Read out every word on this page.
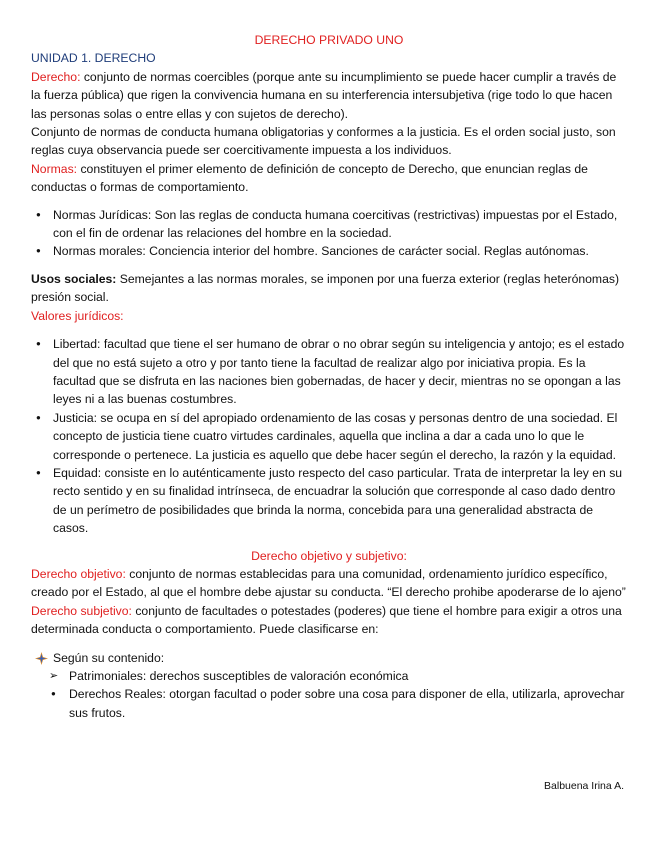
DERECHO PRIVADO UNO

UNIDAD 1. DERECHO

Derecho: conjunto de normas coercibles (porque ante su incumplimiento se puede hacer cumplir a través de la fuerza pública) que rigen la convivencia humana en su interferencia intersubjetiva (rige todo lo que hacen las personas solas o entre ellas y con sujetos de derecho).

Conjunto de normas de conducta humana obligatorias y conformes a la justicia. Es el orden social justo, son reglas cuya observancia puede ser coercitivamente impuesta a los individuos.

Normas: constituyen el primer elemento de definición de concepto de Derecho, que enuncian reglas de conductas o formas de comportamiento.

● Normas Jurídicas: Son las reglas de conducta humana coercitivas (restrictivas) impuestas por el Estado, con el fin de ordenar las relaciones del hombre en la sociedad.
● Normas morales: Conciencia interior del hombre. Sanciones de carácter social. Reglas autónomas.

Usos sociales: Semejantes a las normas morales, se imponen por una fuerza exterior (reglas heterónomas) presión social.

Valores jurídicos:

● Libertad: facultad que tiene el ser humano de obrar o no obrar según su inteligencia y antojo; es el estado del que no está sujeto a otro y por tanto tiene la facultad de realizar algo por iniciativa propia. Es la facultad que se disfruta en las naciones bien gobernadas, de hacer y decir, mientras no se opongan a las leyes ni a las buenas costumbres.
● Justicia: se ocupa en sí del apropiado ordenamiento de las cosas y personas dentro de una sociedad. El concepto de justicia tiene cuatro virtudes cardinales, aquella que inclina a dar a cada uno lo que le corresponde o pertenece. La justicia es aquello que debe hacer según el derecho, la razón y la equidad.
● Equidad: consiste en lo auténticamente justo respecto del caso particular. Trata de interpretar la ley en su recto sentido y en su finalidad intrínseca, de encuadrar la solución que corresponde al caso dado dentro de un perímetro de posibilidades que brinda la norma, concebida para una generalidad abstracta de casos.

Derecho objetivo y subjetivo:

Derecho objetivo: conjunto de normas establecidas para una comunidad, ordenamiento jurídico específico, creado por el Estado, al que el hombre debe ajustar su conducta. “El derecho prohibe apoderarse de lo ajeno”

Derecho subjetivo: conjunto de facultades o potestades (poderes) que tiene el hombre para exigir a otros una determinada conducta o comportamiento. Puede clasificarse en:

Según su contenido:

➢ Patrimoniales: derechos susceptibles de valoración económica
● Derechos Reales: otorgan facultad o poder sobre una cosa para disponer de ella, utilizarla, aprovechar sus frutos.
Balbuena Irina A.
